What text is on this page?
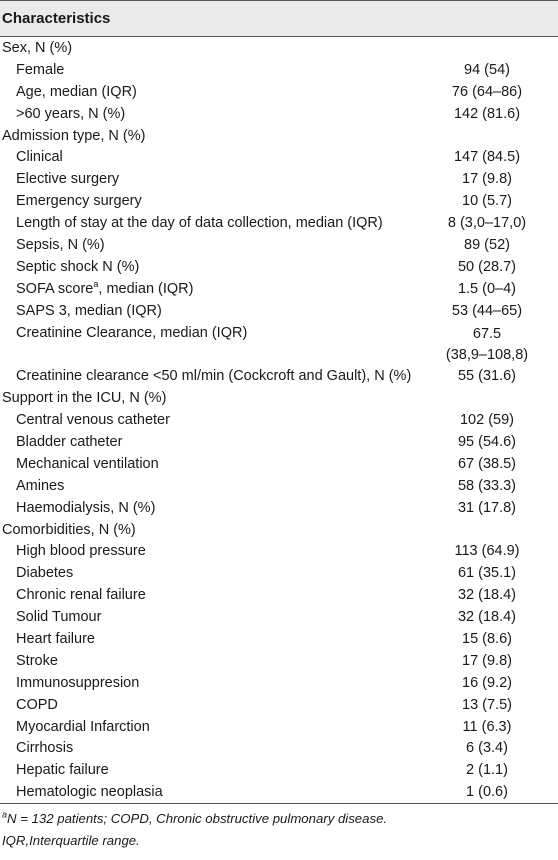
Characteristics
Sex, N (%)
Female	94 (54)
Age, median (IQR)	76 (64–86)
>60 years, N (%)	142 (81.6)
Admission type, N (%)
Clinical	147 (84.5)
Elective surgery	17 (9.8)
Emergency surgery	10 (5.7)
Length of stay at the day of data collection, median (IQR)	8 (3,0–17,0)
Sepsis, N (%)	89 (52)
Septic shock N (%)	50 (28.7)
SOFA score$^a$, median (IQR)	1.5 (0–4)
SAPS 3, median (IQR)	53 (44–65)
Creatinine Clearance, median (IQR)	67.5
(38,9–108,8)
Creatinine clearance <50 ml/min (Cockcroft and Gault), N (%)	55 (31.6)
Support in the ICU, N (%)
Central venous catheter	102 (59)
Bladder catheter	95 (54.6)
Mechanical ventilation	67 (38.5)
Amines	58 (33.3)
Haemodialysis, N (%)	31 (17.8)
Comorbidities, N (%)
High blood pressure	113 (64.9)
Diabetes	61 (35.1)
Chronic renal failure	32 (18.4)
Solid Tumour	32 (18.4)
Heart failure	15 (8.6)
Stroke	17 (9.8)
Immunosuppresion	16 (9.2)
COPD	13 (7.5)
Myocardial Infarction	11 (6.3)
Cirrhosis	6 (3.4)
Hepatic failure	2 (1.1)
Hematologic neoplasia	1 (0.6)
$^a$N = 132 patients; COPD, Chronic obstructive pulmonary disease.
IQR,Interquartile range.
